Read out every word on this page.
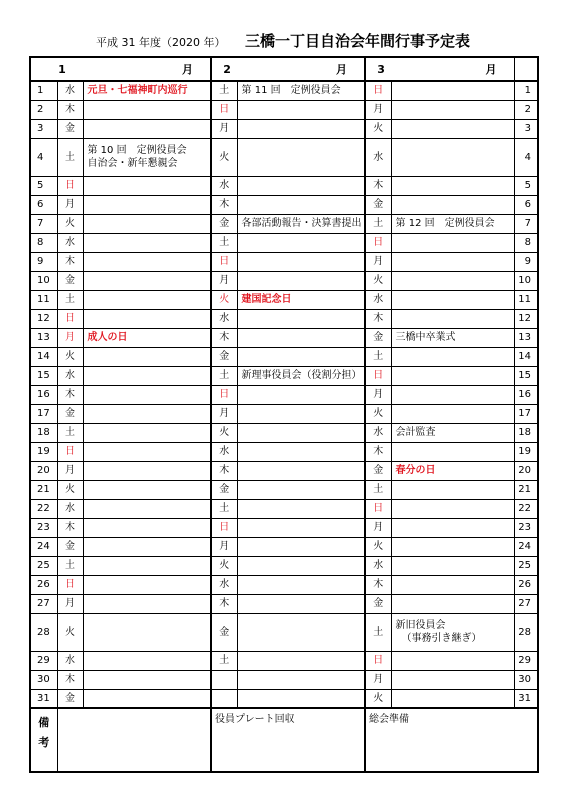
平成 31 年度（2020 年） 三橋一丁目自治会年間行事予定表
1 月			2 月		3 月		

1	水	元旦・七福神町内巡行	土	第 11 回　定例役員会	日		1
2	木		日		月		2
3	金		月		火		3
4	土	第 10 回　定例役員会
自治会・新年懇親会	火		水		4
5	日		水		木		5
6	月		木		金		6
7	火		金	各部活動報告・決算書提出	土	第 12 回　定例役員会	7
8	水		土		日		8
9	木		日		月		9
10	金		月		火		10
11	土		火	建国記念日	水		11
12	日		水		木		12
13	月	成人の日	木		金	三橋中卒業式	13
14	火		金		土		14
15	水		土	新理事役員会（役割分担）	日		15
16	木		日		月		16
17	金		月		火		17
18	土		火		水	会計監査	18
19	日		水		木		19
20	月		木		金	春分の日	20
21	火		金		土		21
22	水		土		日		22
23	木		日		月		23
24	金		月		火		24
25	土		火		水		25
26	日		水		木		26
27	月		木		金		27
28	火		金		土	新旧役員会
（事務引き継ぎ）	28
29	水		土		日		29
30	木				月		30
31	金				火		31

備
考			役員プレート回収		総会準備		
